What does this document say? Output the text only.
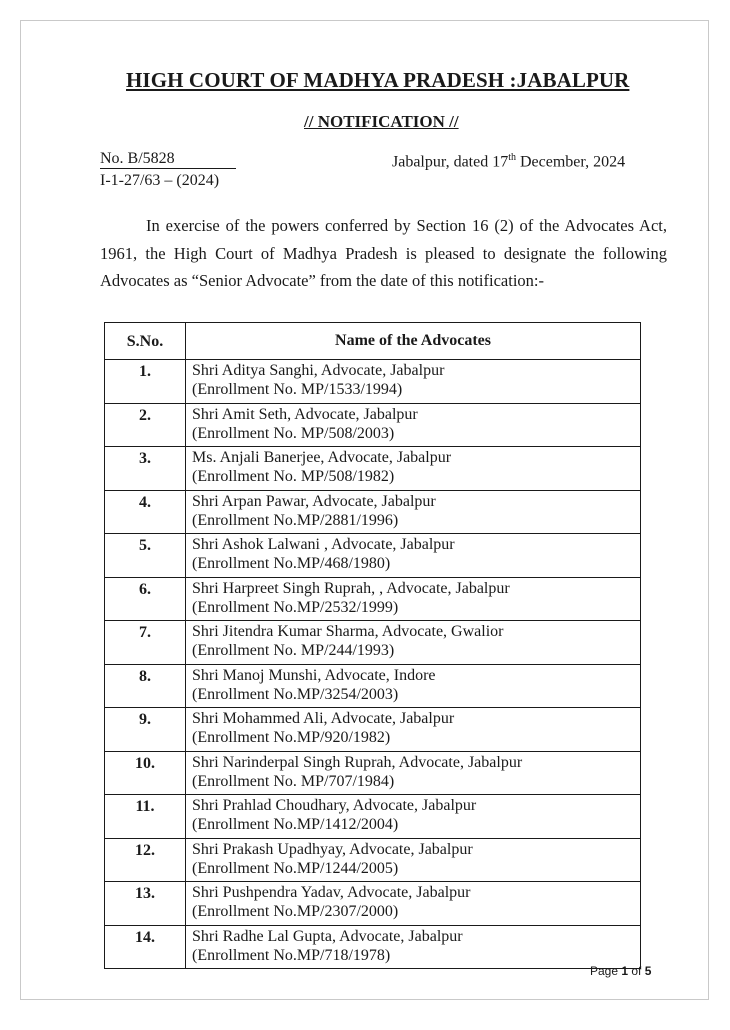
HIGH COURT OF MADHYA PRADESH :JABALPUR
// NOTIFICATION //
No. B/5828
I-1-27/63 – (2024)
Jabalpur, dated 17th December, 2024
In exercise of the powers conferred by Section 16 (2) of the Advocates Act, 1961, the High Court of Madhya Pradesh is pleased to designate the following Advocates as “Senior Advocate” from the date of this notification:-
S.No.	Name of the Advocates
1.	Shri Aditya Sanghi, Advocate, Jabalpur
(Enrollment No. MP/1533/1994)

2.	Shri Amit Seth, Advocate, Jabalpur
(Enrollment No. MP/508/2003)

3.	Ms. Anjali Banerjee, Advocate, Jabalpur
(Enrollment No. MP/508/1982)

4.	Shri Arpan Pawar, Advocate, Jabalpur
(Enrollment No.MP/2881/1996)

5.	Shri Ashok Lalwani , Advocate, Jabalpur
(Enrollment No.MP/468/1980)

6.	Shri Harpreet Singh Ruprah, , Advocate, Jabalpur
(Enrollment No.MP/2532/1999)

7.	Shri Jitendra Kumar Sharma, Advocate, Gwalior
(Enrollment No. MP/244/1993)

8.	Shri Manoj Munshi, Advocate, Indore
(Enrollment No.MP/3254/2003)

9.	Shri Mohammed Ali, Advocate, Jabalpur
(Enrollment No.MP/920/1982)

10.	Shri Narinderpal Singh Ruprah, Advocate, Jabalpur
(Enrollment No. MP/707/1984)

11.	Shri Prahlad Choudhary, Advocate, Jabalpur
(Enrollment No.MP/1412/2004)

12.	Shri Prakash Upadhyay, Advocate, Jabalpur
(Enrollment No.MP/1244/2005)

13.	Shri Pushpendra Yadav, Advocate, Jabalpur
(Enrollment No.MP/2307/2000)

14.	Shri Radhe Lal Gupta, Advocate, Jabalpur
(Enrollment No.MP/718/1978)
Page 1 of 5
